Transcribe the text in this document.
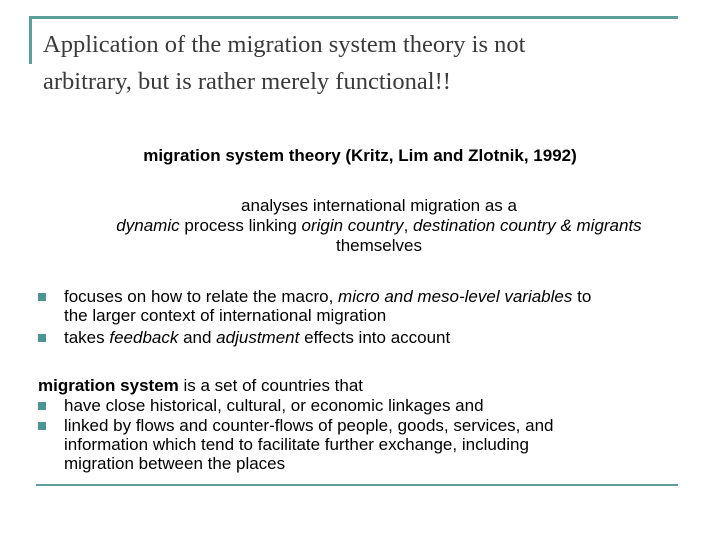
Application of the migration system theory is not
arbitrary, but is rather merely functional!!
migration system theory (Kritz, Lim and Zlotnik, 1992)
analyses international migration as a
dynamic process linking origin country, destination country & migrants
themselves
focuses on how to relate the macro, micro and meso-level variables to
the larger context of international migration
takes feedback and adjustment effects into account
migration system is a set of countries that
have close historical, cultural, or economic linkages and
linked by flows and counter-flows of people, goods, services, and
information which tend to facilitate further exchange, including
migration between the places
